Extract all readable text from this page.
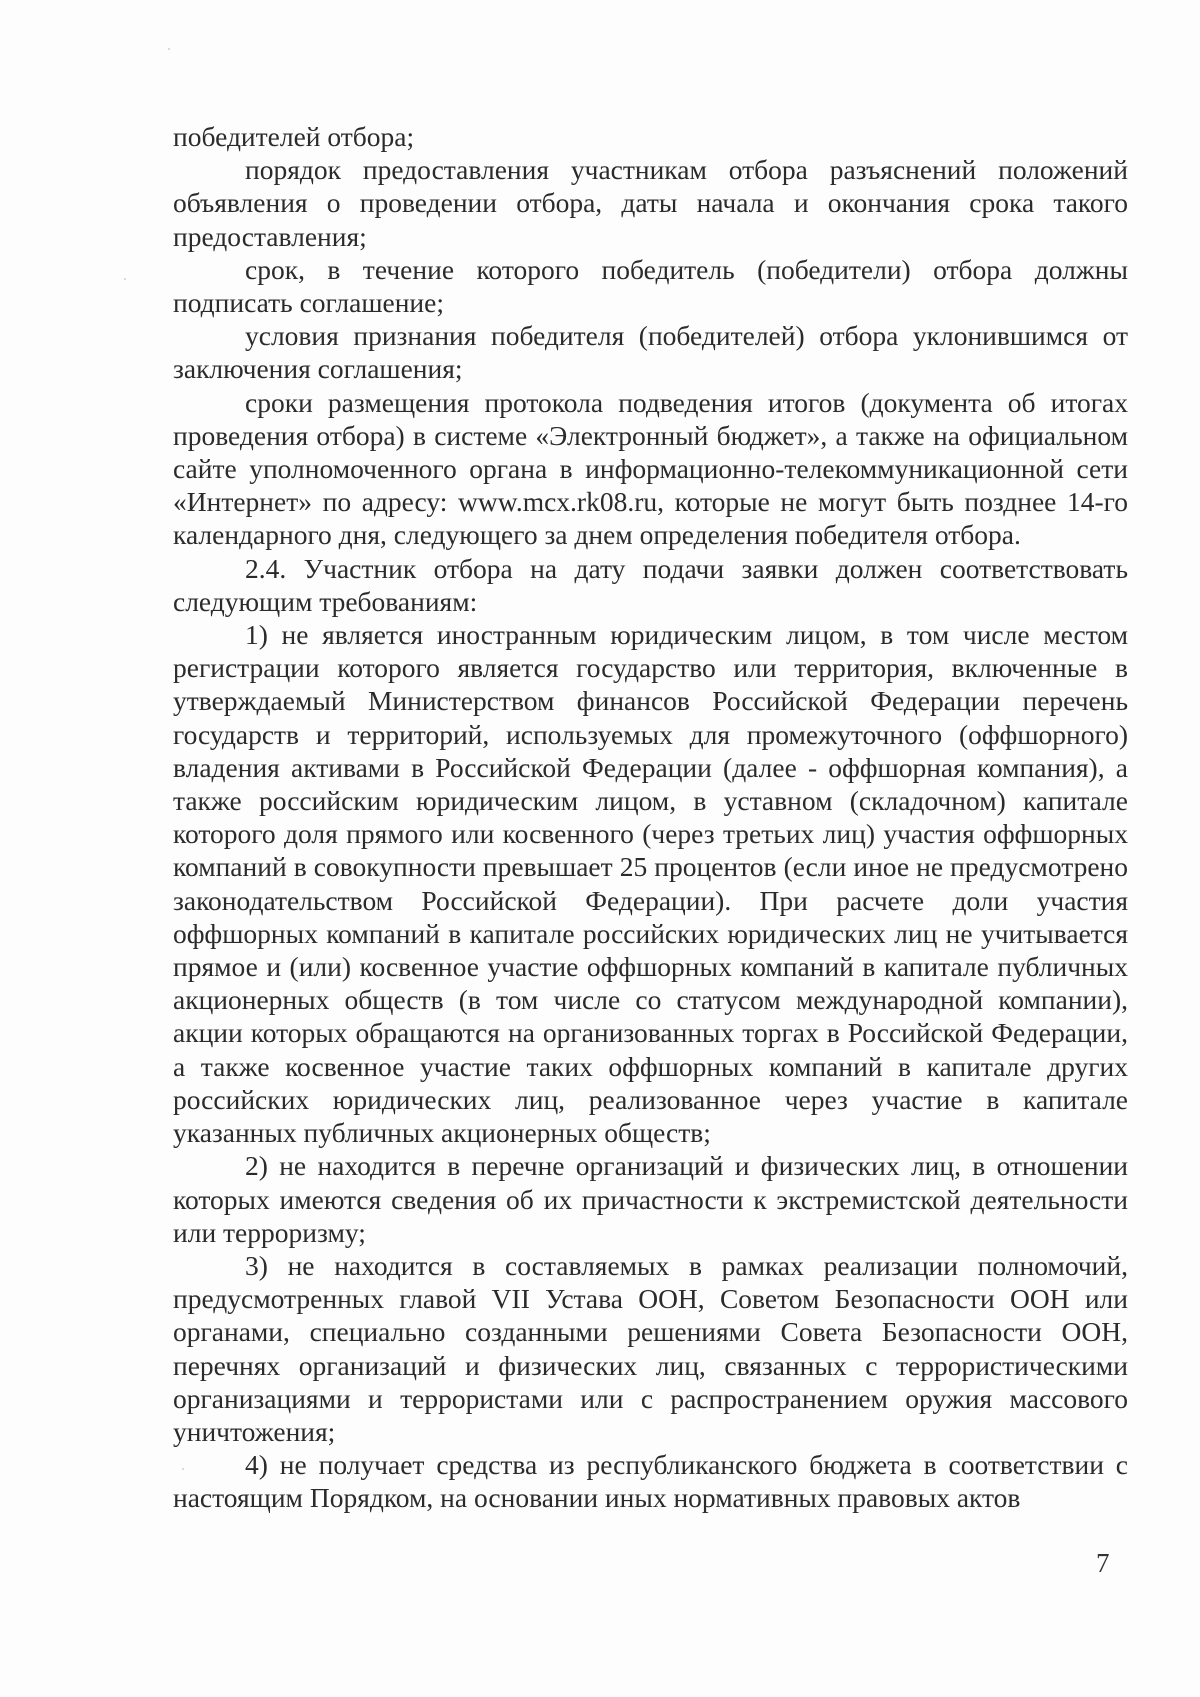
победителей отбора;

порядок предоставления участникам отбора разъяснений положений объявления о проведении отбора, даты начала и окончания срока такого предоставления;

срок, в течение которого победитель (победители) отбора должны подписать соглашение;

условия признания победителя (победителей) отбора уклонившимся от заключения соглашения;

сроки размещения протокола подведения итогов (документа об итогах проведения отбора) в системе «Электронный бюджет», а также на официальном сайте уполномоченного органа в информационно-телекоммуникационной сети «Интернет» по адресу: www.mcx.rk08.ru, которые не могут быть позднее 14-го календарного дня, следующего за днем определения победителя отбора.

2.4. Участник отбора на дату подачи заявки должен соответствовать следующим требованиям:

1) не является иностранным юридическим лицом, в том числе местом регистрации которого является государство или территория, включенные в утверждаемый Министерством финансов Российской Федерации перечень государств и территорий, используемых для промежуточного (оффшорного) владения активами в Российской Федерации (далее - оффшорная компания), а также российским юридическим лицом, в уставном (складочном) капитале которого доля прямого или косвенного (через третьих лиц) участия оффшорных компаний в совокупности превышает 25 процентов (если иное не предусмотрено законодательством Российской Федерации). При расчете доли участия оффшорных компаний в капитале российских юридических лиц не учитывается прямое и (или) косвенное участие оффшорных компаний в капитале публичных акционерных обществ (в том числе со статусом международной компании), акции которых обращаются на организованных торгах в Российской Федерации, а также косвенное участие таких оффшорных компаний в капитале других российских юридических лиц, реализованное через участие в капитале указанных публичных акционерных обществ;

2) не находится в перечне организаций и физических лиц, в отношении которых имеются сведения об их причастности к экстремистской деятельности или терроризму;

3) не находится в составляемых в рамках реализации полномочий, предусмотренных главой VII Устава ООН, Советом Безопасности ООН или органами, специально созданными решениями Совета Безопасности ООН, перечнях организаций и физических лиц, связанных с террористическими организациями и террористами или с распространением оружия массового уничтожения;

4) не получает средства из республиканского бюджета в соответствии с настоящим Порядком, на основании иных нормативных правовых актов

7
